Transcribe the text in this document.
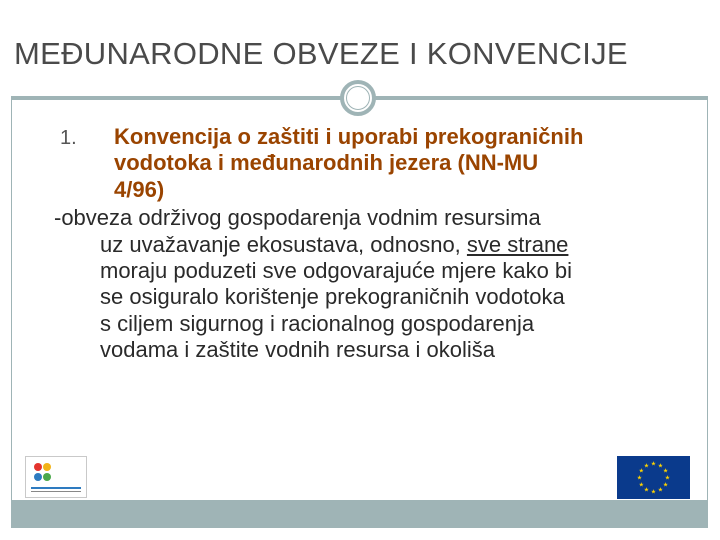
MEĐUNARODNE OBVEZE I KONVENCIJE
1. Konvencija o zaštiti i uporabi prekograničnih
vodotoka i međunarodnih jezera (NN-MU
4/96)
-obveza održivog gospodarenja vodnim resursima
uz uvažavanje ekosustava, odnosno, sve strane
moraju poduzeti sve odgovarajuće mjere kako bi
se osiguralo korištenje prekograničnih vodotoka
s ciljem sigurnog i racionalnog gospodarenja
vodama i zaštite vodnih resursa i okoliša
★ ★
★
★
★
★
★
★
★
★
★
★
